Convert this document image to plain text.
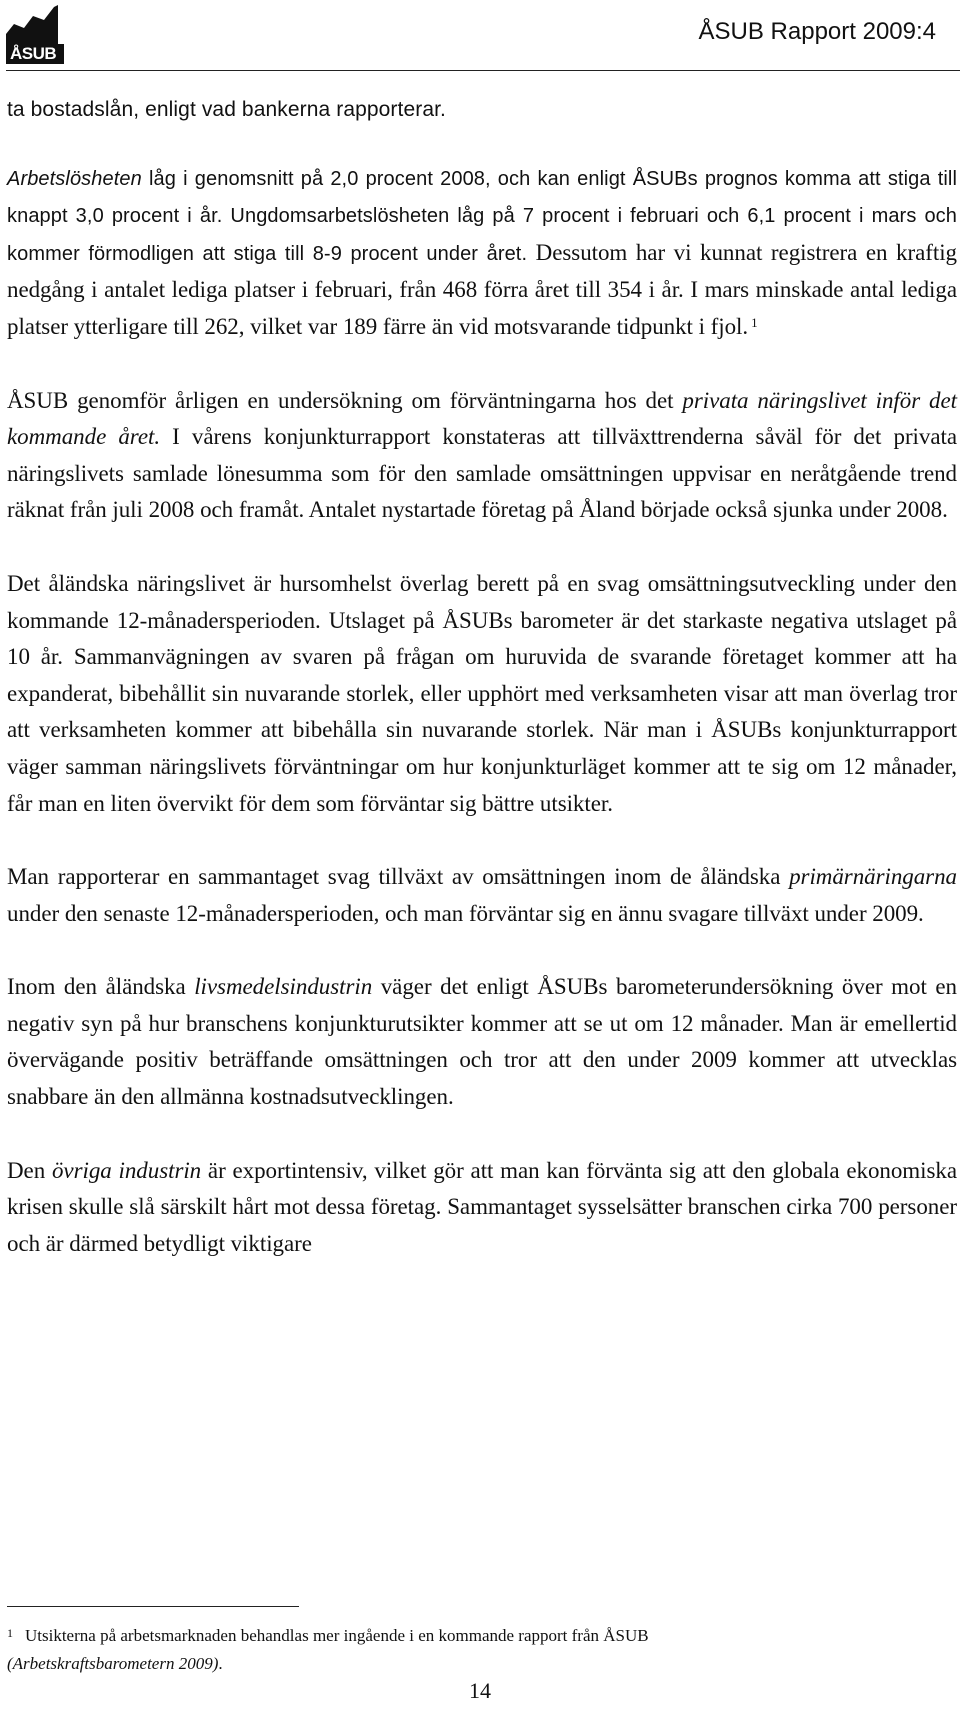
ÅSUB
ÅSUB Rapport 2009:4

ta bostadslån, enligt vad bankerna rapporterar.

Arbetslösheten låg i genomsnitt på 2,0 procent 2008, och kan enligt ÅSUBs prognos komma att stiga till knappt 3,0 procent i år. Ungdomsarbetslösheten låg på 7 procent i februari och 6,1 procent i mars och kommer förmodligen att stiga till 8-9 procent under året. Dessutom har vi kunnat registrera en kraftig nedgång i antalet lediga platser i februari, från 468 förra året till 354 i år. I mars minskade antal lediga platser ytterligare till 262, vilket var 189 färre än vid motsvarande tidpunkt i fjol. $^1$

ÅSUB genomför årligen en undersökning om förväntningarna hos det privata näringslivet inför det kommande året. I vårens konjunkturrapport konstateras att tillväxttrenderna såväl för det privata näringslivets samlade lönesumma som för den samlade omsättningen uppvisar en neråtgående trend räknat från juli 2008 och framåt. Antalet nystartade företag på Åland började också sjunka under 2008.

Det åländska näringslivet är hursomhelst överlag berett på en svag omsättningsutveckling under den kommande 12-månadersperioden. Utslaget på ÅSUBs barometer är det starkaste negativa utslaget på 10 år. Sammanvägningen av svaren på frågan om huruvida de svarande företaget kommer att ha expanderat, bibehållit sin nuvarande storlek, eller upphört med verksamheten visar att man överlag tror att verksamheten kommer att bibehålla sin nuvarande storlek. När man i ÅSUBs konjunkturrapport väger samman näringslivets förväntningar om hur konjunkturläget kommer att te sig om 12 månader, får man en liten övervikt för dem som förväntar sig bättre utsikter.

Man rapporterar en sammantaget svag tillväxt av omsättningen inom de åländska primärnäringarna under den senaste 12-månadersperioden, och man förväntar sig en ännu svagare tillväxt under 2009.

Inom den åländska livsmedelsindustrin väger det enligt ÅSUBs barometerundersökning över mot en negativ syn på hur branschens konjunkturutsikter kommer att se ut om 12 månader. Man är emellertid övervägande positiv beträffande omsättningen och tror att den under 2009 kommer att utvecklas snabbare än den allmänna kostnadsutvecklingen.

Den övriga industrin är exportintensiv, vilket gör att man kan förvänta sig att den globala ekonomiska krisen skulle slå särskilt hårt mot dessa företag. Sammantaget sysselsätter branschen cirka 700 personer och är därmed betydligt viktigare

$^1$ Utsikterna på arbetsmarknaden behandlas mer ingående i en kommande rapport från ÅSUB
(Arbetskraftsbarometern 2009).

14
